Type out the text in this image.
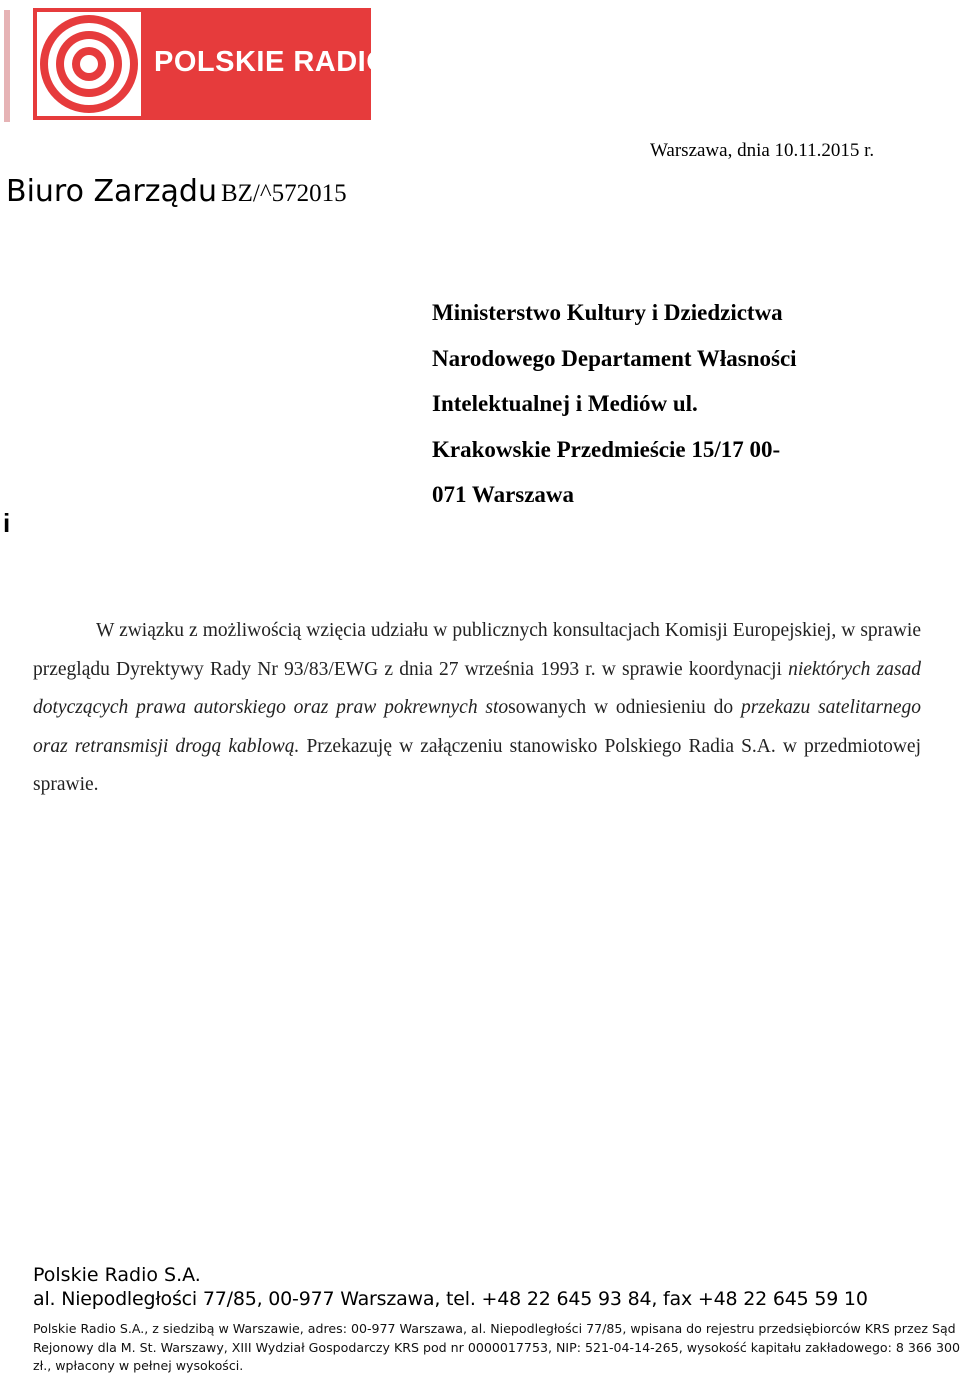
POLSKIE RADIO
Warszawa, dnia 10.11.2015 r.
Biuro Zarządu BZ/^572015
i
Ministerstwo Kultury i Dziedzictwa
Narodowego Departament Własności
Intelektualnej i Mediów ul.
Krakowskie Przedmieście 15/17 00-
071 Warszawa
W związku z możliwością wzięcia udziału w publicznych konsultacjach Komisji Europejskiej, w sprawie przeglądu Dyrektywy Rady Nr 93/83/EWG z dnia 27 września 1993 r. w sprawie koordynacji niektórych zasad dotyczących prawa autorskiego oraz praw pokrewnych stosowanych w odniesieniu do przekazu satelitarnego oraz retransmisji drogą kablową. Przekazuję w załączeniu stanowisko Polskiego Radia S.A. w przedmiotowej sprawie.
Polskie Radio S.A.
al. Niepodległości 77/85, 00-977 Warszawa, tel. +48 22 645 93 84, fax +48 22 645 59 10
Polskie Radio S.A., z siedzibą w Warszawie, adres: 00-977 Warszawa, al. Niepodległości 77/85, wpisana do rejestru przedsiębiorców KRS przez Sąd Rejonowy dla M. St. Warszawy, XIII Wydział Gospodarczy KRS pod nr 0000017753, NIP: 521-04-14-265, wysokość kapitału zakładowego: 8 366 300 zł., wpłacony w pełnej wysokości.
